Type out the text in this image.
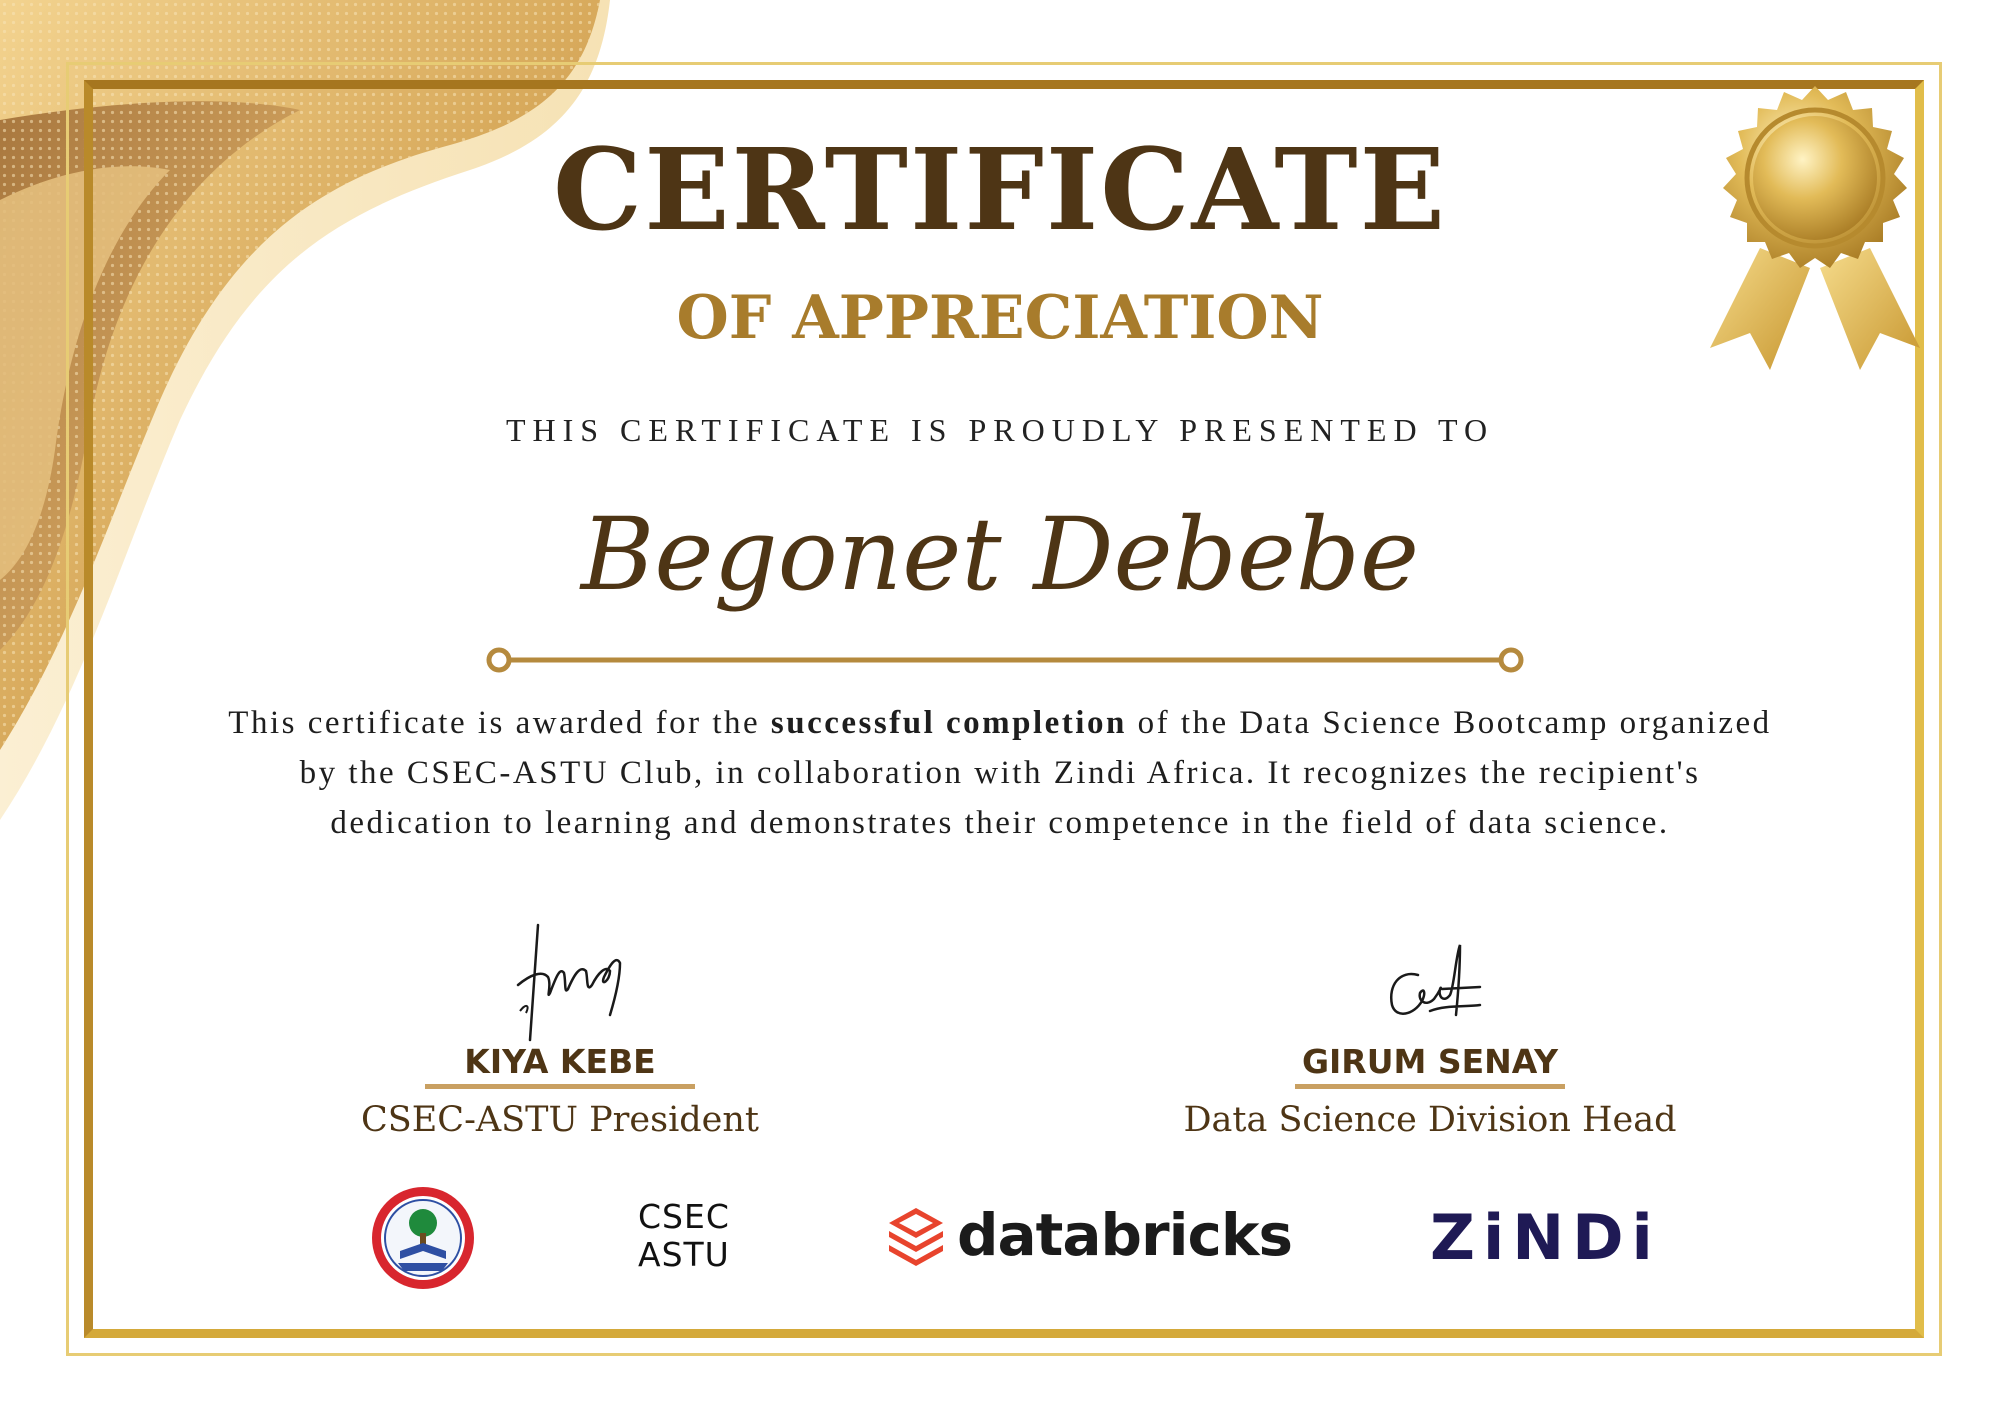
CERTIFICATE
OF APPRECIATION
THIS CERTIFICATE IS PROUDLY PRESENTED TO
Begonet Debebe
This certificate is awarded for the successful completion of the Data Science Bootcamp organized by the CSEC-ASTU Club, in collaboration with Zindi Africa. It recognizes the recipient's dedication to learning and demonstrates their competence in the field of data science.
KIYA KEBE
CSEC-ASTU President
GIRUM SENAY
Data Science Division Head
CSEC
ASTU	databricks ZiNDi
